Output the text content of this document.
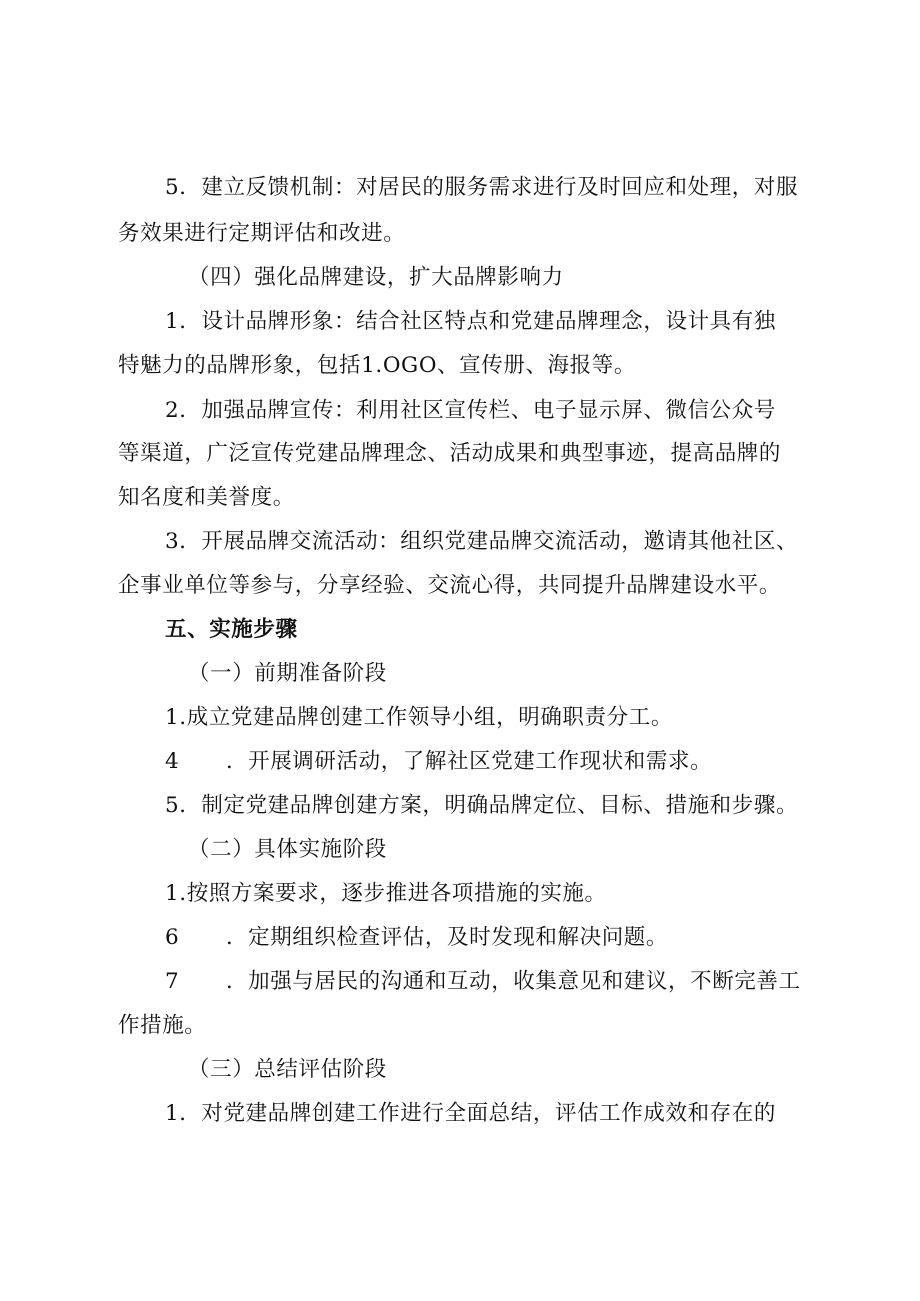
5．建立反馈机制：对居民的服务需求进行及时回应和处理，对服
务效果进行定期评估和改进。
（四）强化品牌建设，扩大品牌影响力
1．设计品牌形象：结合社区特点和党建品牌理念，设计具有独
特魅力的品牌形象，包括1.OGO、宣传册、海报等。
2．加强品牌宣传：利用社区宣传栏、电子显示屏、微信公众号
等渠道，广泛宣传党建品牌理念、活动成果和典型事迹，提高品牌的
知名度和美誉度。
3．开展品牌交流活动：组织党建品牌交流活动，邀请其他社区、
企事业单位等参与，分享经验、交流心得，共同提升品牌建设水平。
五、实施步骤
（一）前期准备阶段
1.成立党建品牌创建工作领导小组，明确职责分工。
4 ．开展调研活动，了解社区党建工作现状和需求。
5．制定党建品牌创建方案，明确品牌定位、目标、措施和步骤。
（二）具体实施阶段
1.按照方案要求，逐步推进各项措施的实施。
6 ．定期组织检查评估，及时发现和解决问题。
7 ．加强与居民的沟通和互动，收集意见和建议，不断完善工
作措施。
（三）总结评估阶段
1．对党建品牌创建工作进行全面总结，评估工作成效和存在的
